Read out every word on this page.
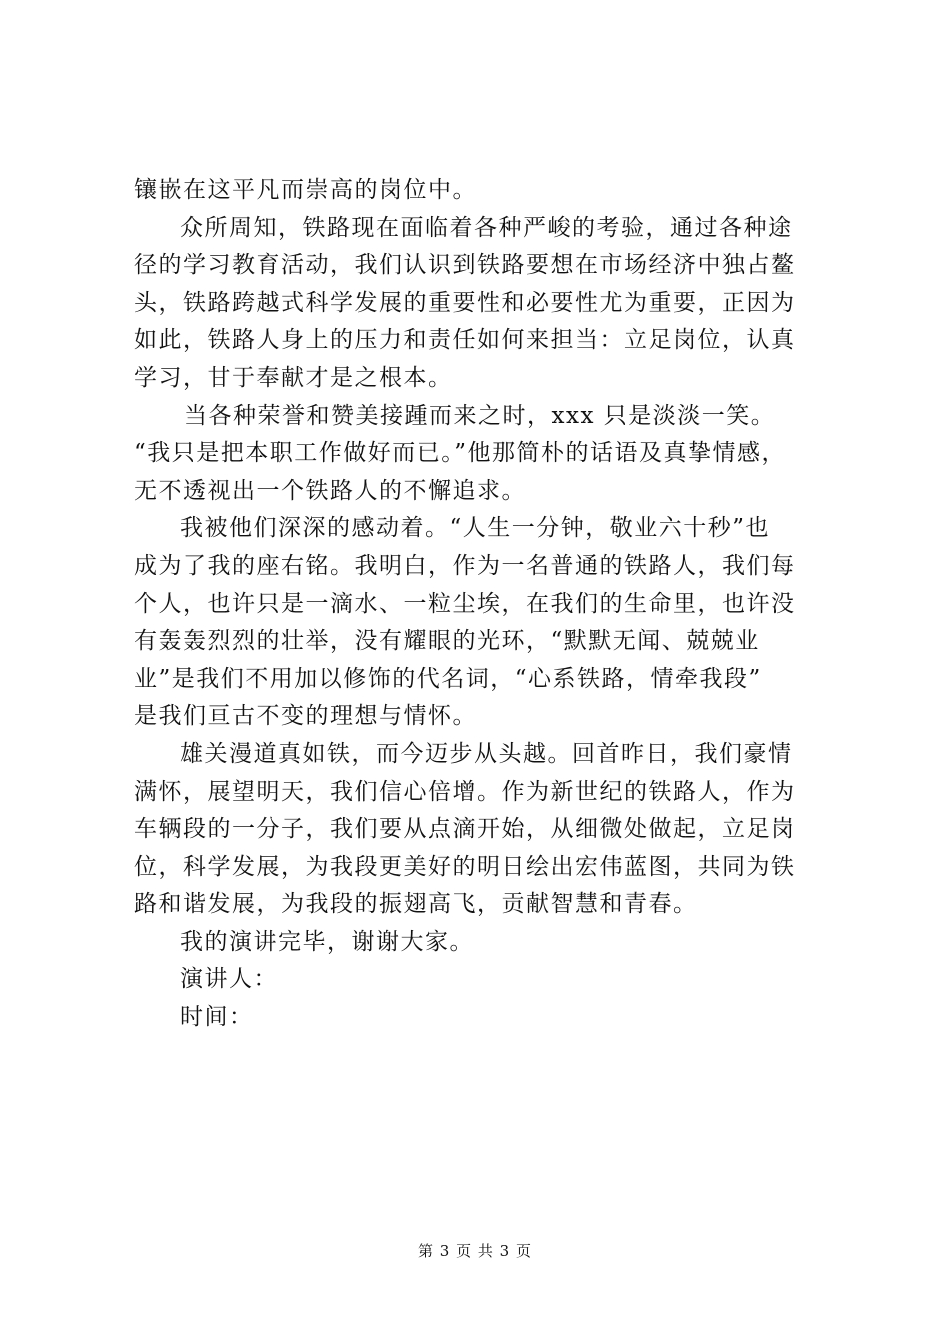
镶嵌在这平凡而崇高的岗位中。
众所周知，铁路现在面临着各种严峻的考验，通过各种途
径的学习教育活动，我们认识到铁路要想在市场经济中独占鳌
头，铁路跨越式科学发展的重要性和必要性尤为重要，正因为
如此，铁路人身上的压力和责任如何来担当：立足岗位，认真
学习，甘于奉献才是之根本。
当各种荣誉和赞美接踵而来之时，xxx 只是淡淡一笑。
“我只是把本职工作做好而已。”他那简朴的话语及真挚情感，
无不透视出一个铁路人的不懈追求。
我被他们深深的感动着。“人生一分钟，敬业六十秒”也
成为了我的座右铭。我明白，作为一名普通的铁路人，我们每
个人，也许只是一滴水、一粒尘埃，在我们的生命里，也许没
有轰轰烈烈的壮举，没有耀眼的光环，“默默无闻、兢兢业
业”是我们不用加以修饰的代名词，“心系铁路，情牵我段”
是我们亘古不变的理想与情怀。
雄关漫道真如铁，而今迈步从头越。回首昨日，我们豪情
满怀，展望明天，我们信心倍增。作为新世纪的铁路人，作为
车辆段的一分子，我们要从点滴开始，从细微处做起，立足岗
位，科学发展，为我段更美好的明日绘出宏伟蓝图，共同为铁
路和谐发展，为我段的振翅高飞，贡献智慧和青春。
我的演讲完毕，谢谢大家。
演讲人：
时间：
第 3 页 共 3 页
